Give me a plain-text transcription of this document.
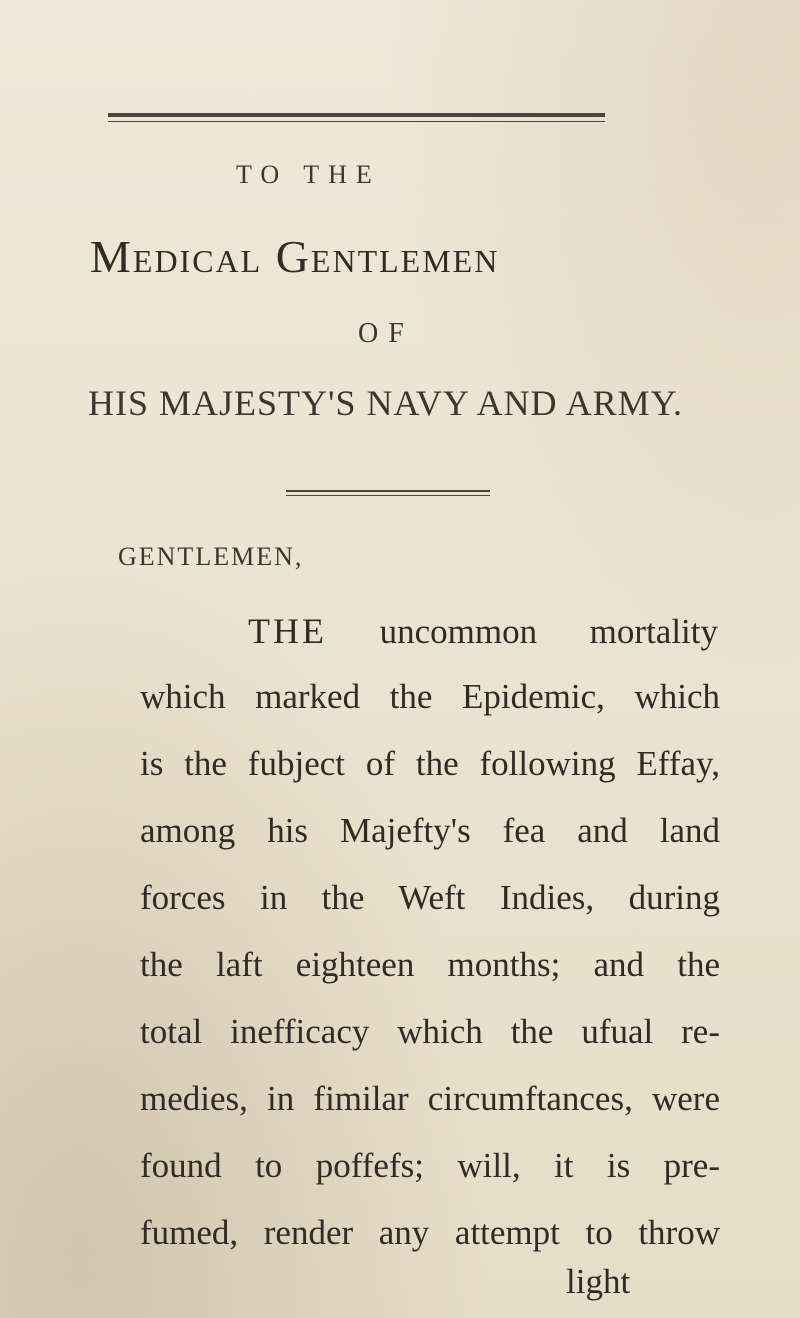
TO THE
Medical Gentlemen
OF
HIS MAJESTY'S NAVY AND ARMY.
GENTLEMEN,
THE uncommon mortality
which marked the Epidemic, which
is the fubject of the following Effay,
among his Majefty's fea and land
forces in the Weft Indies, during
the laft eighteen months; and the
total inefficacy which the ufual re-
medies, in fimilar circumftances, were
found to poffefs; will, it is pre-
fumed, render any attempt to throw
light
